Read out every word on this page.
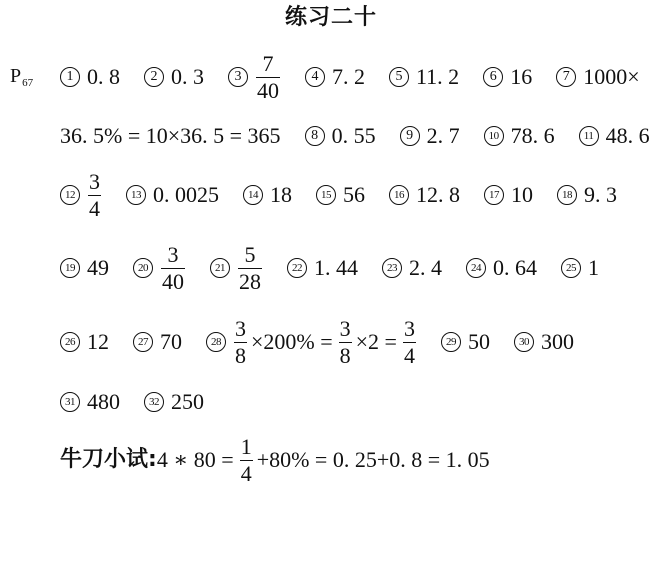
练习二十
$P_{67}$	1 0. 8	2 0. 3	$3 \frac{7}{40}$	4 7. 2	5 11. 2	6 16	7 1000×
36. 5% = 10×36. 5 = 365	8 0. 55	9 2. 7	10 78. 6	11 48. 6
$12 \frac{3}{4}$	13 0. 0025	14 18	15 56	16 12. 8	17 10	18 9. 3
19 49	$20 \frac{3}{40}$	$21 \frac{5}{28}$	22 1. 44	23 2. 4	24 0. 64	25 1
26 12	27 70	$28 \frac{3}{8} \times 200\% = \frac{3}{8} \times 2 = \frac{3}{4}$	29 50	30 300
31 480	32 250
牛刀小试: 4 ∗ $80 = \frac{1}{4} +80\% = 0$. 25+0. 8 = 1. 05
